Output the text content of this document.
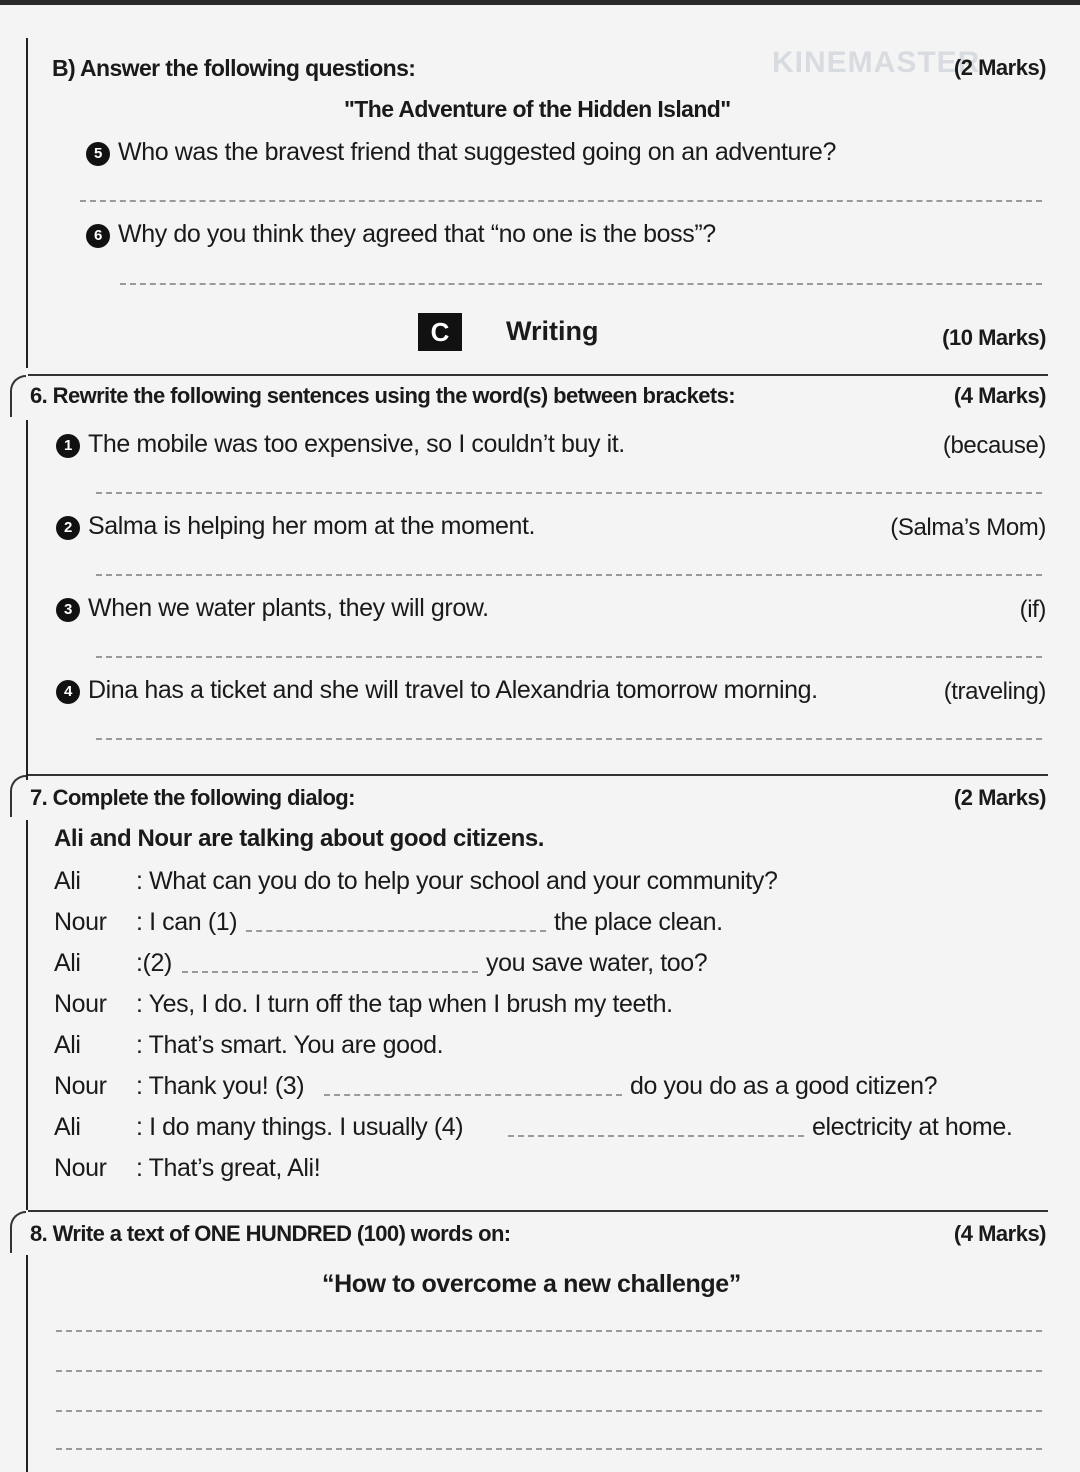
KINEMASTER
B) Answer the following questions:	(2 Marks)
"The Adventure of the Hidden Island"
5 Who was the bravest friend that suggested going on an adventure?
6 Why do you think they agreed that “no one is the boss”?
C	Writing	(10 Marks)
6. Rewrite the following sentences using the word(s) between brackets:	(4 Marks)
1 The mobile was too expensive, so I couldn’t buy it.	(because)
2 Salma is helping her mom at the moment.	(Salma’s Mom)
3 When we water plants, they will grow.	(if)
4 Dina has a ticket and she will travel to Alexandria tomorrow morning.	(traveling)
7. Complete the following dialog:	(2 Marks)
Ali and Nour are talking about good citizens.
Ali : What can you do to help your school and your community?
Nour : I can (1)	the place clean.
Ali :(2)	you save water, too?
Nour : Yes, I do. I turn off the tap when I brush my teeth.
Ali : That’s smart. You are good.
Nour : Thank you! (3)	do you do as a good citizen?
Ali : I do many things. I usually (4)	electricity at home.
Nour : That’s great, Ali!
8. Write a text of ONE HUNDRED (100) words on:	(4 Marks)
“How to overcome a new challenge”
